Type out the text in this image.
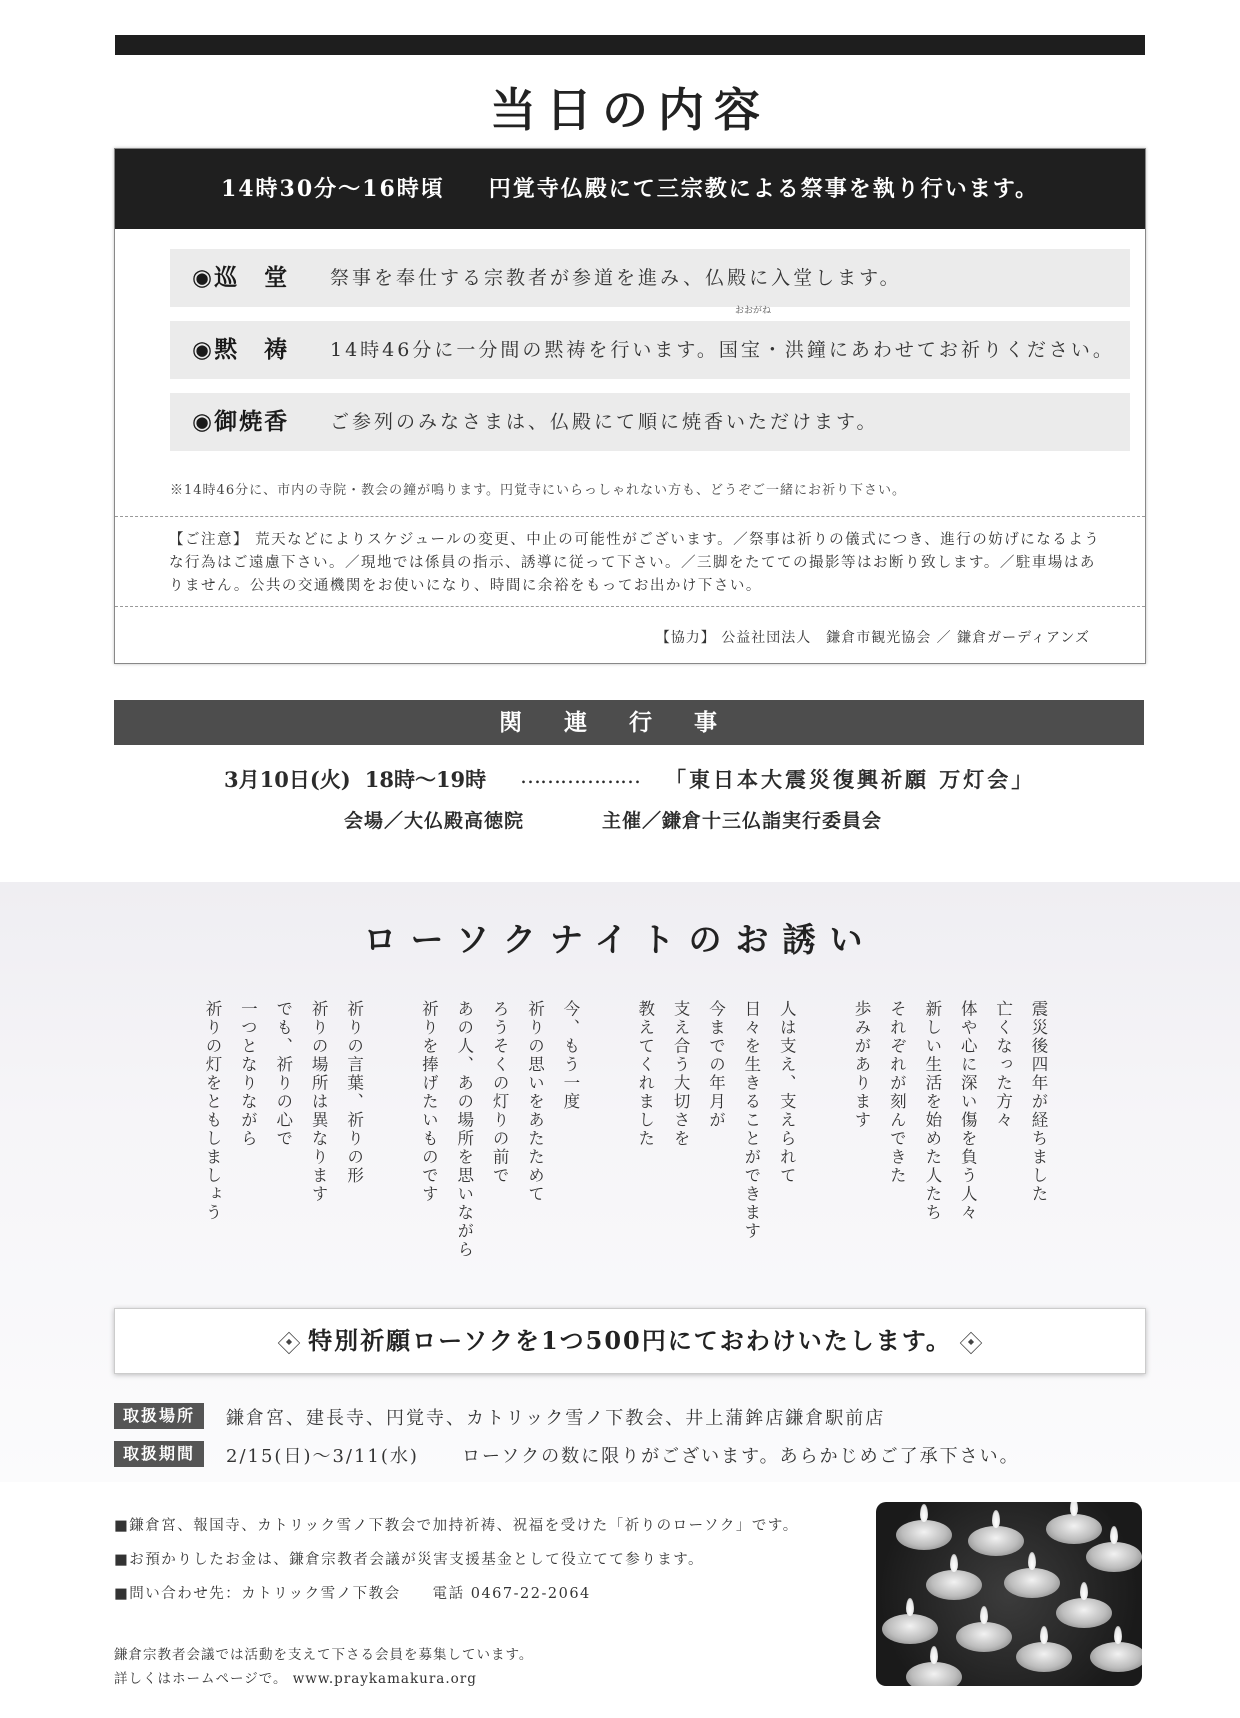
当日の内容
14時30分～16時頃 円覚寺仏殿にて三宗教による祭事を執り行います。
◉巡　堂 祭事を奉仕する宗教者が参道を進み、仏殿に入堂します。
◉黙　祷 14時46分に一分間の黙祷を行います。国宝・洪鐘にあわせてお祈りください。
おおがね
◉御焼香 ご参列のみなさまは、仏殿にて順に焼香いただけます。
※14時46分に、市内の寺院・教会の鐘が鳴ります。円覚寺にいらっしゃれない方も、どうぞご一緒にお祈り下さい。
【ご注意】 荒天などによりスケジュールの変更、中止の可能性がございます。／祭事は祈りの儀式につき、進行の妨げになるような行為はご遠慮下さい。／現地では係員の指示、誘導に従って下さい。／三脚をたてての撮影等はお断り致します。／駐車場はありません。公共の交通機関をお使いになり、時間に余裕をもってお出かけ下さい。
【協力】 公益社団法人　鎌倉市観光協会 ／ 鎌倉ガーディアンズ
関連行事
3月10日(火) 18時～19時 ……………… 「東日本大震災復興祈願 万灯会」
会場／大仏殿高徳院	主催／鎌倉十三仏詣実行委員会
ローソクナイトのお誘い
震災後四年が経ちました
亡くなった方々
体や心に深い傷を負う人々
新しい生活を始めた人たち
それぞれが刻んできた
歩みがあります
人は支え、支えられて
日々を生きることができます
今までの年月が
支え合う大切さを
教えてくれました
今、もう一度
祈りの思いをあたためて
ろうそくの灯りの前で
あの人、あの場所を思いながら
祈りを捧げたいものです
祈りの言葉、祈りの形
祈りの場所は異なります
でも、祈りの心で
一つとなりながら
祈りの灯をともしましょう
特別祈願ローソクを1つ500円にておわけいたします。
取扱場所	鎌倉宮、建長寺、円覚寺、カトリック雪ノ下教会、井上蒲鉾店鎌倉駅前店
取扱期間	2/15(日)～3/11(水) ローソクの数に限りがございます。あらかじめご了承下さい。
■鎌倉宮、報国寺、カトリック雪ノ下教会で加持祈祷、祝福を受けた「祈りのローソク」です。
■お預かりしたお金は、鎌倉宗教者会議が災害支援基金として役立てて参ります。
■問い合わせ先：カトリック雪ノ下教会　　電話 0467-22-2064
鎌倉宗教者会議では活動を支えて下さる会員を募集しています。
詳しくはホームページで。 www.praykamakura.org
